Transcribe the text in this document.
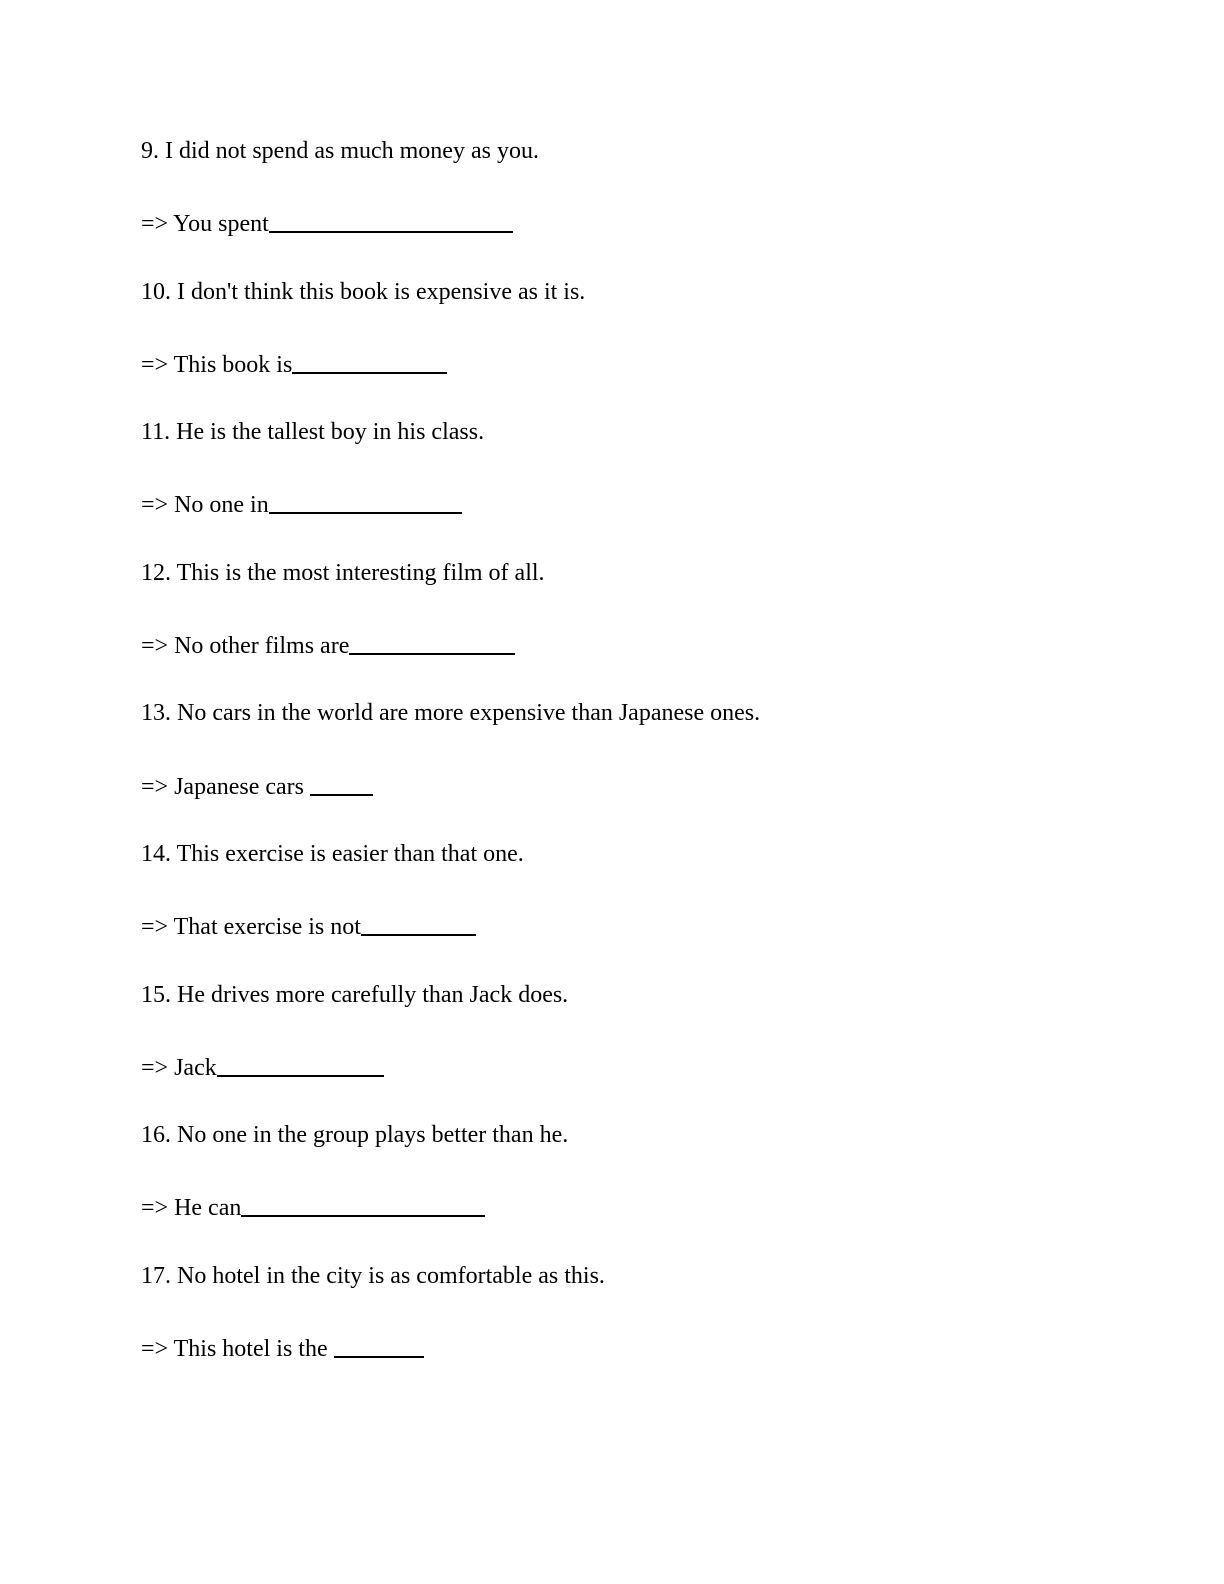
9. I did not spend as much money as you.
=> You spent
10. I don't think this book is expensive as it is.
=> This book is
11. He is the tallest boy in his class.
=> No one in
12. This is the most interesting film of all.
=> No other films are
13. No cars in the world are more expensive than Japanese ones.
=> Japanese cars
14. This exercise is easier than that one.
=> That exercise is not
15. He drives more carefully than Jack does.
=> Jack
16. No one in the group plays better than he.
=> He can
17. No hotel in the city is as comfortable as this.
=> This hotel is the
